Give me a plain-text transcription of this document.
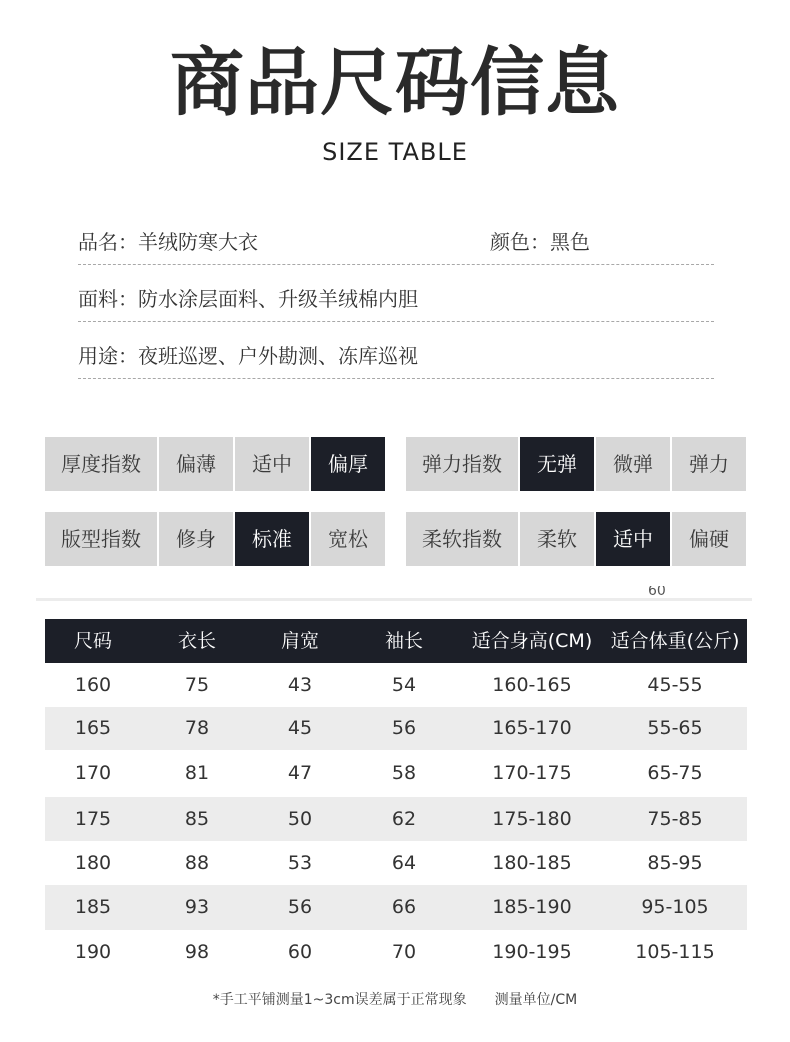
商品尺码信息
SIZE TABLE
品名：羊绒防寒大衣	颜色：黑色
面料：防水涂层面料、升级羊绒棉内胆
用途：夜班巡逻、户外勘测、冻库巡视
厚度指数	偏薄	适中	偏厚	弹力指数	无弹	微弹	弹力
版型指数	修身	标准	宽松	柔软指数	柔软	适中	偏硬
60
尺码	衣长	肩宽	袖长	适合身高(CM) 适合体重(公斤)
160	75	43	54	160-165	45-55
165	78	45	56	165-170	55-65
170	81	47	58	170-175	65-75
175	85	50	62	175-180	75-85
180	88	53	64	180-185	85-95
185	93	56	66	185-190	95-105
190	98	60	70	190-195	105-115
*手工平铺测量1~3cm误差属于正常现象 测量单位/CM
